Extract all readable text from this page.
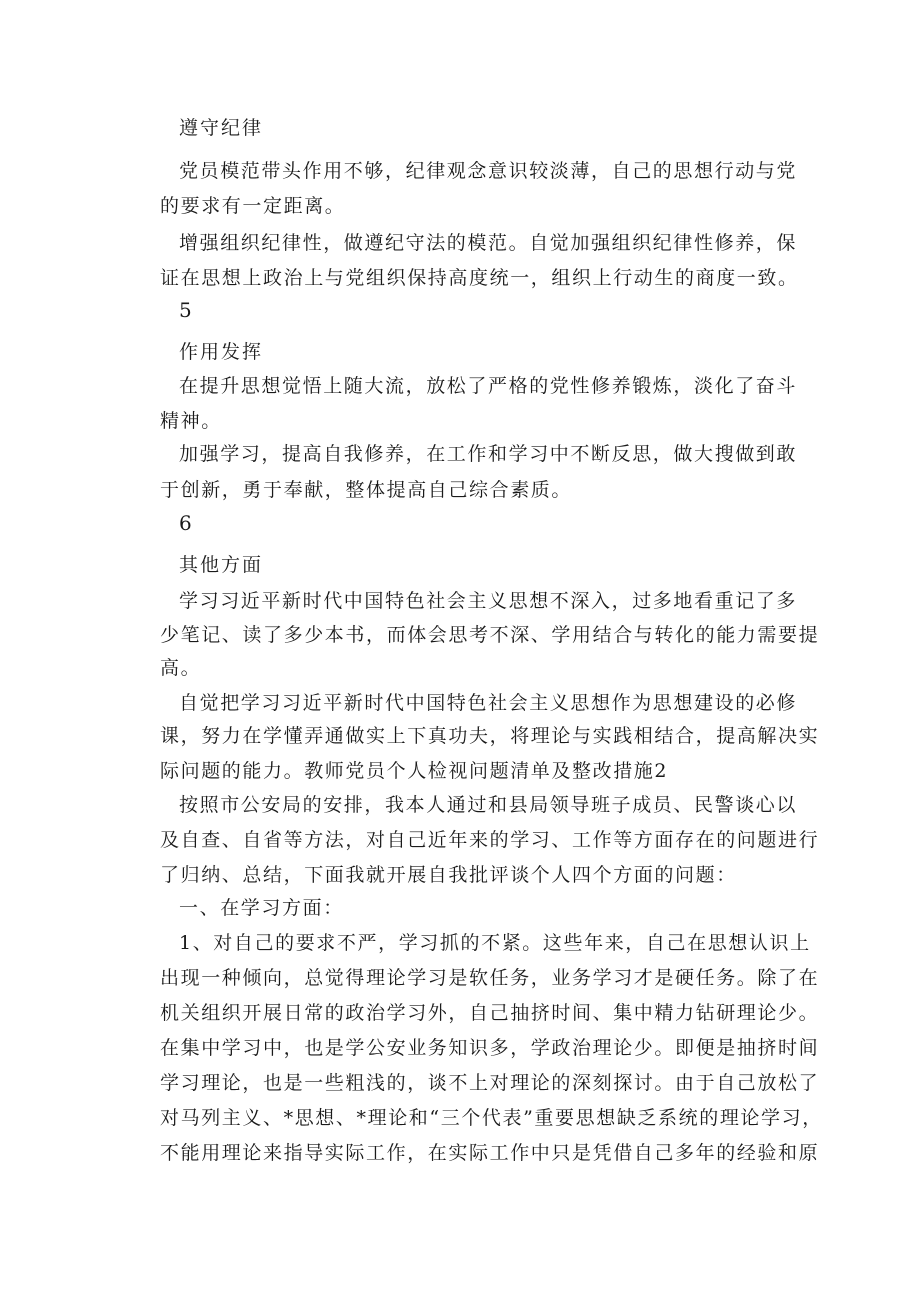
遵守纪律
党员模范带头作用不够，纪律观念意识较淡薄，自己的思想行动与党
的要求有一定距离。
增强组织纪律性，做遵纪守法的模范。自觉加强组织纪律性修养，保
证在思想上政治上与党组织保持高度统一，组织上行动生的商度一致。
5
作用发挥
在提升思想觉悟上随大流，放松了严格的党性修养锻炼，淡化了奋斗
精神。
加强学习，提高自我修养，在工作和学习中不断反思，做大搜做到敢
于创新，勇于奉献，整体提高自己综合素质。
6
其他方面
学习习近平新时代中国特色社会主义思想不深入，过多地看重记了多
少笔记、读了多少本书，而体会思考不深、学用结合与转化的能力需要提
高。
自觉把学习习近平新时代中国特色社会主义思想作为思想建设的必修
课，努力在学懂弄通做实上下真功夫，将理论与实践相结合，提高解决实
际问题的能力。教师党员个人检视问题清单及整改措施2
按照市公安局的安排，我本人通过和县局领导班子成员、民警谈心以
及自查、自省等方法，对自己近年来的学习、工作等方面存在的问题进行
了归纳、总结，下面我就开展自我批评谈个人四个方面的问题：
一、在学习方面：
1、对自己的要求不严，学习抓的不紧。这些年来，自己在思想认识上
出现一种倾向，总觉得理论学习是软任务，业务学习才是硬任务。除了在
机关组织开展日常的政治学习外，自己抽挤时间、集中精力钻研理论少。
在集中学习中，也是学公安业务知识多，学政治理论少。即便是抽挤时间
学习理论，也是一些粗浅的，谈不上对理论的深刻探讨。由于自己放松了
对马列主义、*思想、*理论和“三个代表”重要思想缺乏系统的理论学习，
不能用理论来指导实际工作，在实际工作中只是凭借自己多年的经验和原
